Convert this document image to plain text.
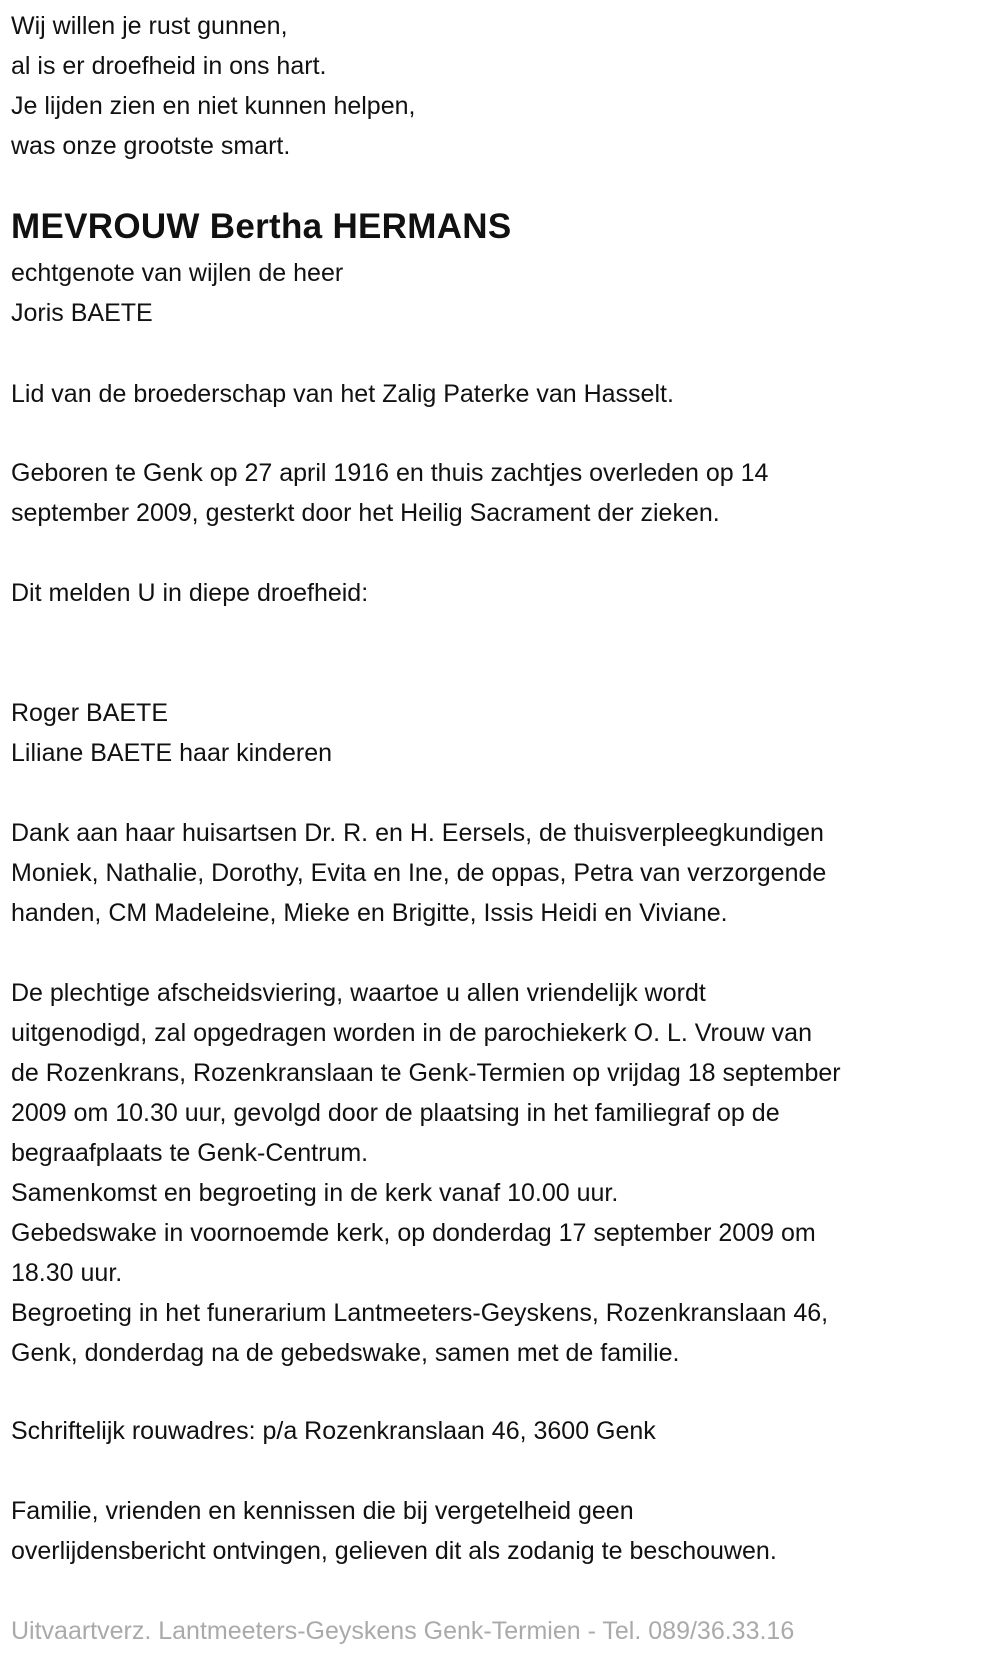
Wij willen je rust gunnen,
al is er droefheid in ons hart.
Je lijden zien en niet kunnen helpen,
was onze grootste smart.
MEVROUW Bertha HERMANS
echtgenote van wijlen de heer
Joris BAETE
Lid van de broederschap van het Zalig Paterke van Hasselt.
Geboren te Genk op 27 april 1916 en thuis zachtjes overleden op 14
september 2009, gesterkt door het Heilig Sacrament der zieken.
Dit melden U in diepe droefheid:
Roger BAETE
Liliane BAETE haar kinderen
Dank aan haar huisartsen Dr. R. en H. Eersels, de thuisverpleegkundigen
Moniek, Nathalie, Dorothy, Evita en Ine, de oppas, Petra van verzorgende
handen, CM Madeleine, Mieke en Brigitte, Issis Heidi en Viviane.
De plechtige afscheidsviering, waartoe u allen vriendelijk wordt
uitgenodigd, zal opgedragen worden in de parochiekerk O. L. Vrouw van
de Rozenkrans, Rozenkranslaan te Genk-Termien op vrijdag 18 september
2009 om 10.30 uur, gevolgd door de plaatsing in het familiegraf op de
begraafplaats te Genk-Centrum.
Samenkomst en begroeting in de kerk vanaf 10.00 uur.
Gebedswake in voornoemde kerk, op donderdag 17 september 2009 om
18.30 uur.
Begroeting in het funerarium Lantmeeters-Geyskens, Rozenkranslaan 46,
Genk, donderdag na de gebedswake, samen met de familie.
Schriftelijk rouwadres: p/a Rozenkranslaan 46, 3600 Genk
Familie, vrienden en kennissen die bij vergetelheid geen
overlijdensbericht ontvingen, gelieven dit als zodanig te beschouwen.
Uitvaartverz. Lantmeeters-Geyskens Genk-Termien - Tel. 089/36.33.16
